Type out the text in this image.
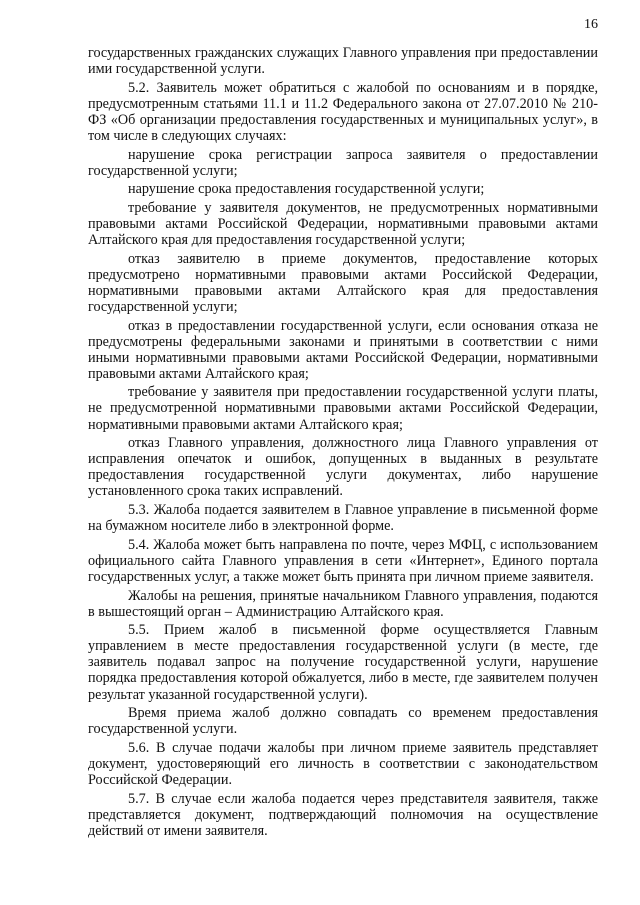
16

государственных гражданских служащих Главного управления при предоставлении ими государственной услуги.

5.2. Заявитель может обратиться с жалобой по основаниям и в порядке, предусмотренным статьями 11.1 и 11.2 Федерального закона от 27.07.2010 № 210-ФЗ «Об организации предоставления государственных и муниципальных услуг», в том числе в следующих случаях:

нарушение срока регистрации запроса заявителя о предоставлении государственной услуги;

нарушение срока предоставления государственной услуги;

требование у заявителя документов, не предусмотренных нормативными правовыми актами Российской Федерации, нормативными правовыми актами Алтайского края для предоставления государственной услуги;

отказ заявителю в приеме документов, предоставление которых предусмотрено нормативными правовыми актами Российской Федерации, нормативными правовыми актами Алтайского края для предоставления государственной услуги;

отказ в предоставлении государственной услуги, если основания отказа не предусмотрены федеральными законами и принятыми в соответствии с ними иными нормативными правовыми актами Российской Федерации, нормативными правовыми актами Алтайского края;

требование у заявителя при предоставлении государственной услуги платы, не предусмотренной нормативными правовыми актами Российской Федерации, нормативными правовыми актами Алтайского края;

отказ Главного управления, должностного лица Главного управления от исправления опечаток и ошибок, допущенных в выданных в результате предоставления государственной услуги документах, либо нарушение установленного срока таких исправлений.

5.3. Жалоба подается заявителем в Главное управление в письменной форме на бумажном носителе либо в электронной форме.

5.4. Жалоба может быть направлена по почте, через МФЦ, с использованием официального сайта Главного управления в сети «Интернет», Единого портала государственных услуг, а также может быть принята при личном приеме заявителя.

Жалобы на решения, принятые начальником Главного управления, подаются в вышестоящий орган – Администрацию Алтайского края.

5.5. Прием жалоб в письменной форме осуществляется Главным управлением в месте предоставления государственной услуги (в месте, где заявитель подавал запрос на получение государственной услуги, нарушение порядка предоставления которой обжалуется, либо в месте, где заявителем получен результат указанной государственной услуги).

Время приема жалоб должно совпадать со временем предоставления государственной услуги.

5.6. В случае подачи жалобы при личном приеме заявитель представляет документ, удостоверяющий его личность в соответствии с законодательством Российской Федерации.

5.7. В случае если жалоба подается через представителя заявителя, также представляется документ, подтверждающий полномочия на осуществление действий от имени заявителя.
